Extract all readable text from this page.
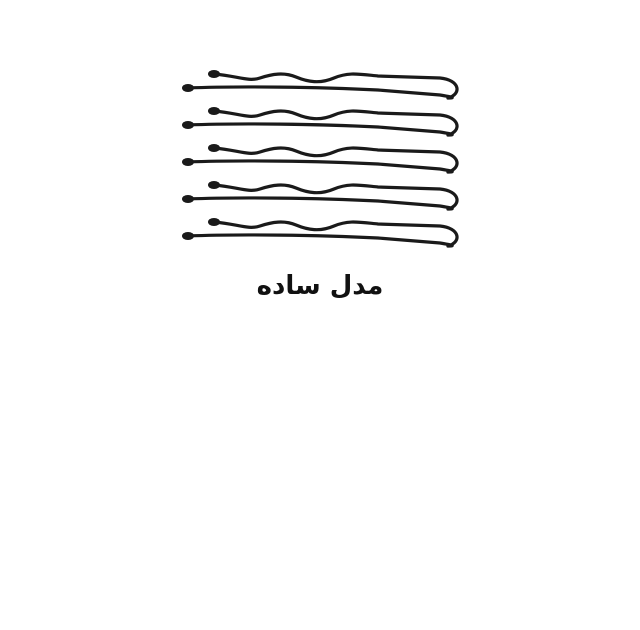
مدل ساده
